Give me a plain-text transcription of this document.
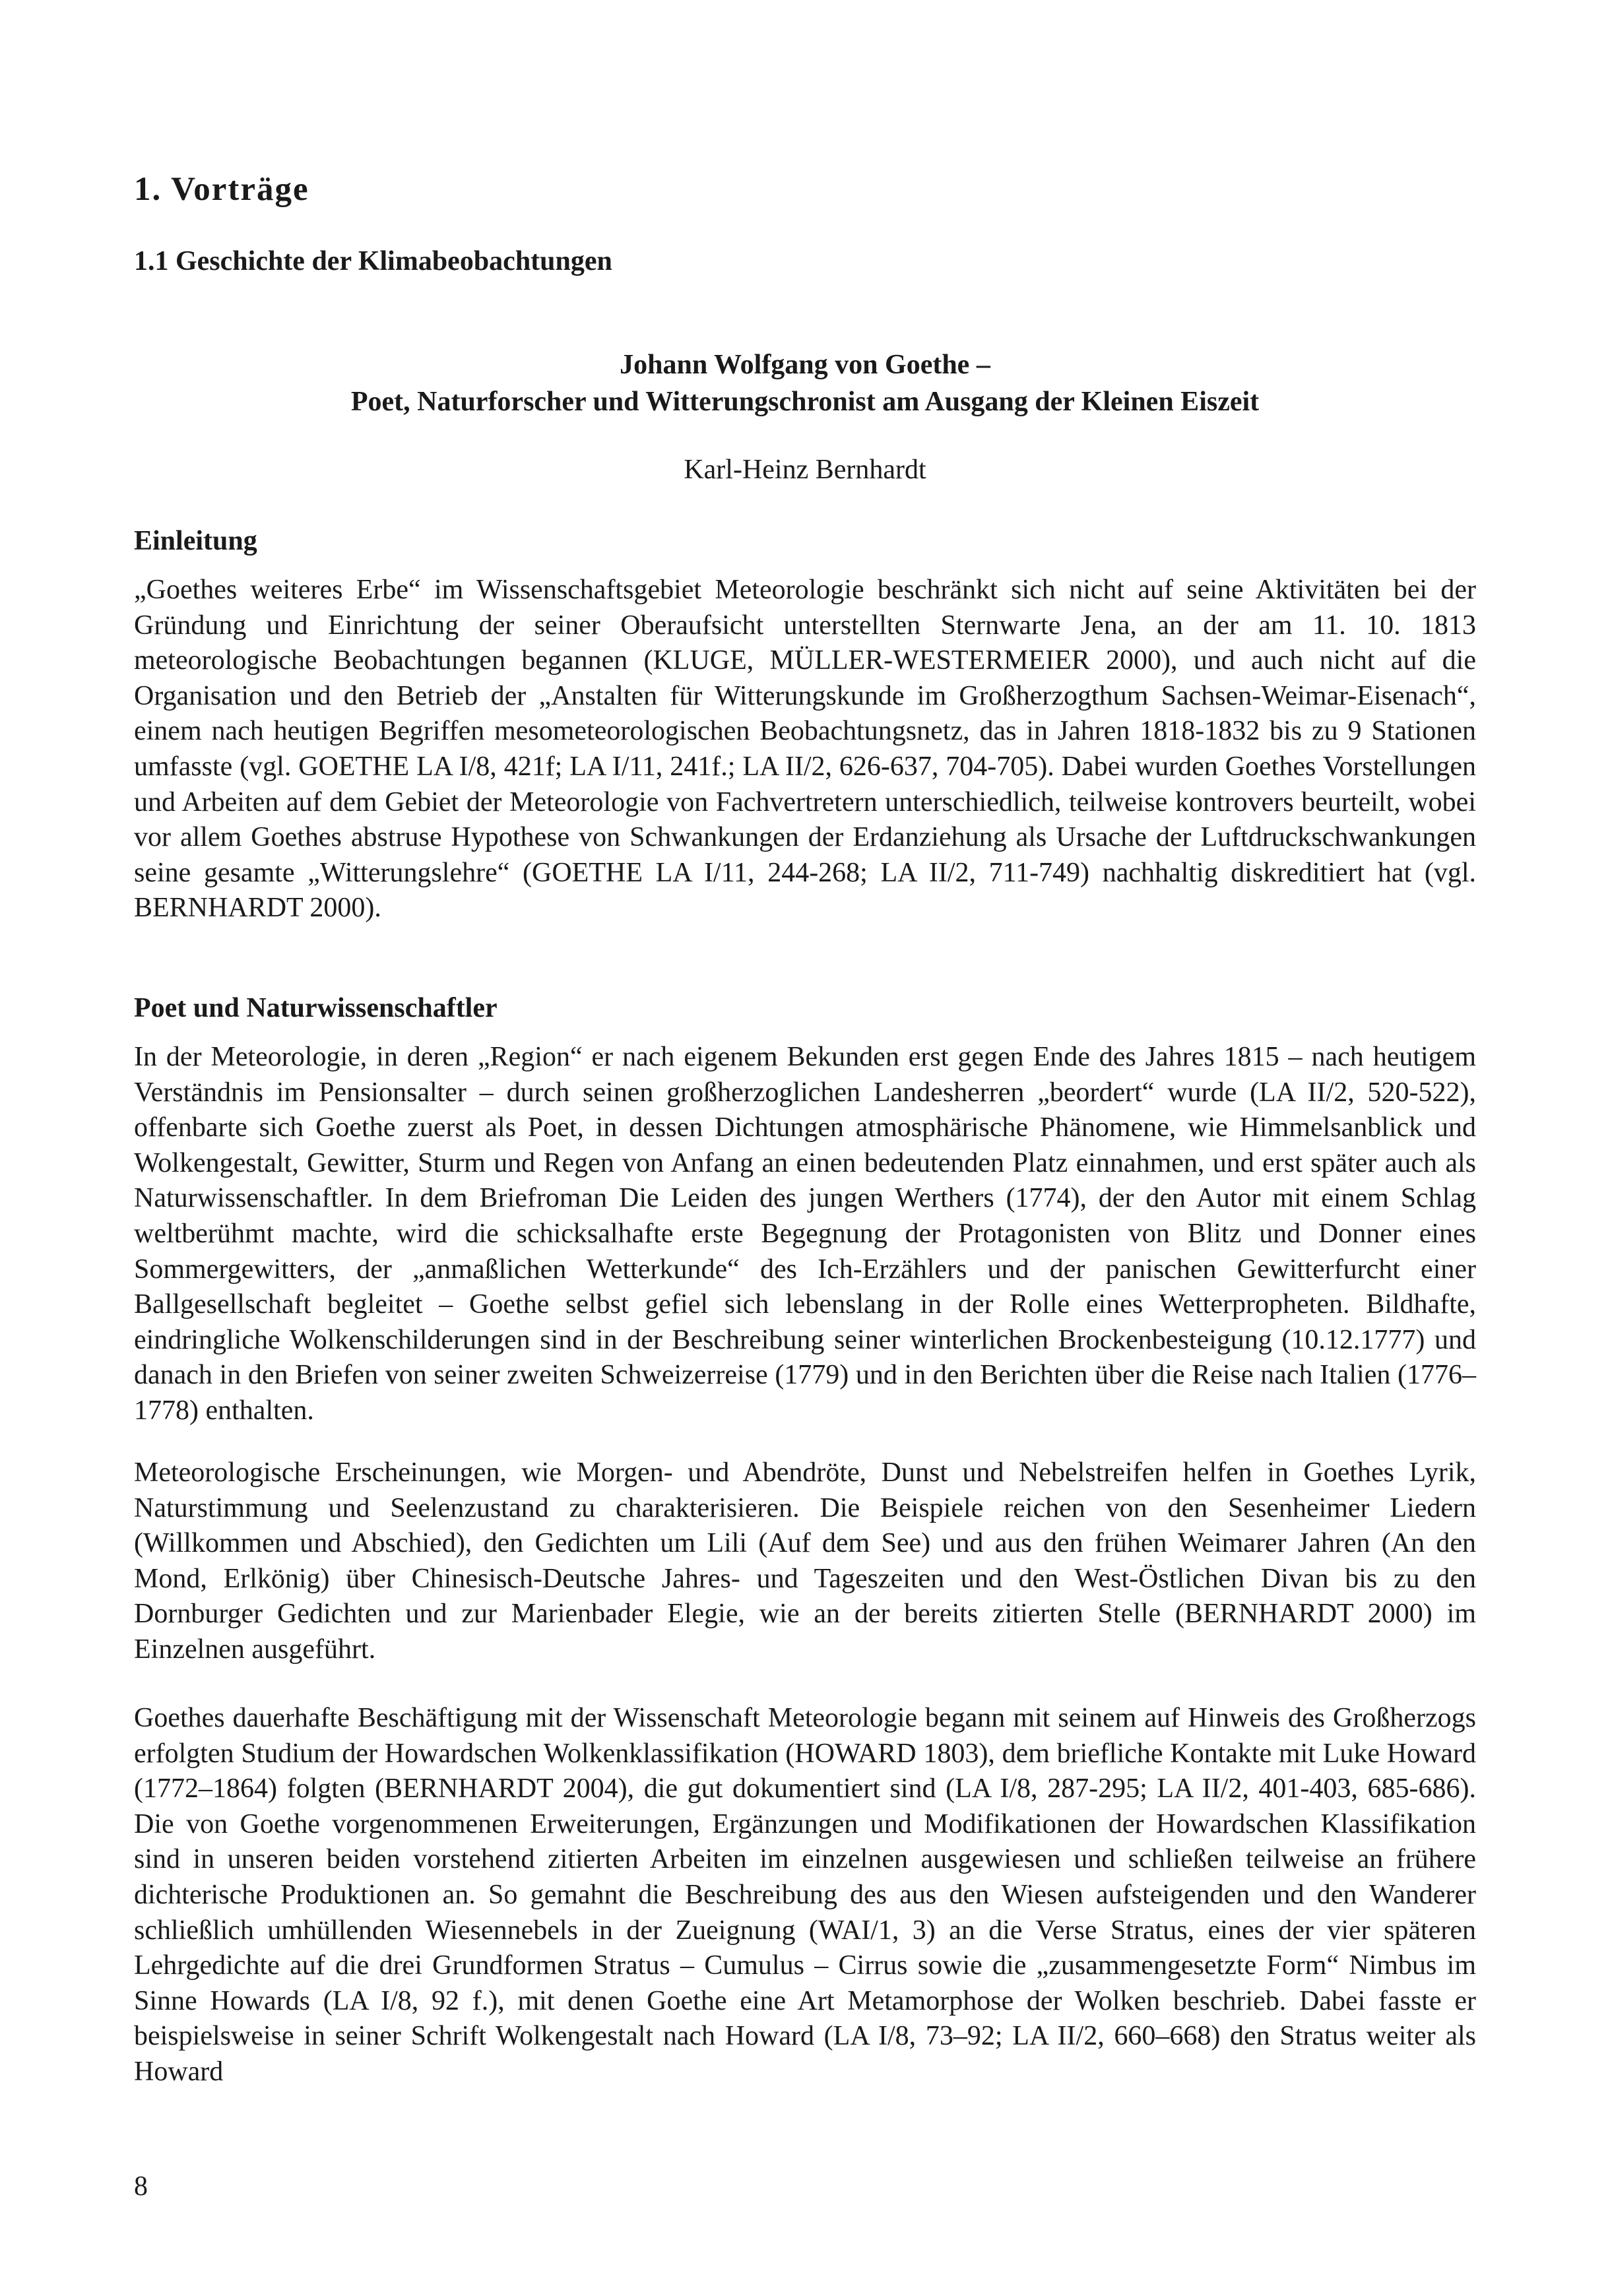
1. Vorträge
1.1 Geschichte der Klimabeobachtungen
Johann Wolfgang von Goethe –
Poet, Naturforscher und Witterungschronist am Ausgang der Kleinen Eiszeit
Karl-Heinz Bernhardt
Einleitung

„Goethes weiteres Erbe“ im Wissenschaftsgebiet Meteorologie beschränkt sich nicht auf seine Aktivitäten bei der Gründung und Einrichtung der seiner Oberaufsicht unterstellten Sternwarte Jena, an der am 11. 10. 1813 meteorologische Beobachtungen begannen (KLUGE, MÜLLER-WESTERMEIER 2000), und auch nicht auf die Organisation und den Betrieb der „Anstalten für Witterungskunde im Großherzogthum Sachsen-Weimar-Eisenach“, einem nach heutigen Begriffen mesometeorologischen Beobachtungsnetz, das in Jahren 1818-1832 bis zu 9 Stationen umfasste (vgl. GOETHE LA I/8, 421f; LA I/11, 241f.; LA II/2, 626-637, 704-705). Dabei wurden Goethes Vorstellungen und Arbeiten auf dem Gebiet der Meteorologie von Fachvertretern unterschiedlich, teilweise kontrovers beurteilt, wobei vor allem Goethes abstruse Hypothese von Schwankungen der Erdanziehung als Ursache der Luftdruckschwankungen seine gesamte „Witterungslehre“ (GOETHE LA I/11, 244-268; LA II/2, 711-749) nachhaltig diskreditiert hat (vgl. BERNHARDT 2000).

Poet und Naturwissenschaftler

In der Meteorologie, in deren „Region“ er nach eigenem Bekunden erst gegen Ende des Jahres 1815 – nach heutigem Verständnis im Pensionsalter – durch seinen großherzoglichen Landesherren „beordert“ wurde (LA II/2, 520-522), offenbarte sich Goethe zuerst als Poet, in dessen Dichtungen atmosphärische Phänomene, wie Himmelsanblick und Wolkengestalt, Gewitter, Sturm und Regen von Anfang an einen bedeutenden Platz einnahmen, und erst später auch als Naturwissenschaftler. In dem Briefroman Die Leiden des jungen Werthers (1774), der den Autor mit einem Schlag weltberühmt machte, wird die schicksalhafte erste Begegnung der Protagonisten von Blitz und Donner eines Sommergewitters, der „anmaßlichen Wetterkunde“ des Ich-Erzählers und der panischen Gewitterfurcht einer Ballgesellschaft begleitet – Goethe selbst gefiel sich lebenslang in der Rolle eines Wetterpropheten. Bildhafte, eindringliche Wolkenschilderungen sind in der Beschreibung seiner winterlichen Brockenbesteigung (10.12.1777) und danach in den Briefen von seiner zweiten Schweizerreise (1779) und in den Berichten über die Reise nach Italien (1776–1778) enthalten.

Meteorologische Erscheinungen, wie Morgen- und Abendröte, Dunst und Nebelstreifen helfen in Goethes Lyrik, Naturstimmung und Seelenzustand zu charakterisieren. Die Beispiele reichen von den Sesenheimer Liedern (Willkommen und Abschied), den Gedichten um Lili (Auf dem See) und aus den frühen Weimarer Jahren (An den Mond, Erlkönig) über Chinesisch-Deutsche Jahres- und Tageszeiten und den West-Östlichen Divan bis zu den Dornburger Gedichten und zur Marienbader Elegie, wie an der bereits zitierten Stelle (BERNHARDT 2000) im Einzelnen ausgeführt.

Goethes dauerhafte Beschäftigung mit der Wissenschaft Meteorologie begann mit seinem auf Hinweis des Großherzogs erfolgten Studium der Howardschen Wolkenklassifikation (HOWARD 1803), dem briefliche Kontakte mit Luke Howard (1772–1864) folgten (BERNHARDT 2004), die gut dokumentiert sind (LA I/8, 287-295; LA II/2, 401-403, 685-686). Die von Goethe vorgenommenen Erweiterungen, Ergänzungen und Modifikationen der Howardschen Klassifikation sind in unseren beiden vorstehend zitierten Arbeiten im einzelnen ausgewiesen und schließen teilweise an frühere dichterische Produktionen an. So gemahnt die Beschreibung des aus den Wiesen aufsteigenden und den Wanderer schließlich umhüllenden Wiesennebels in der Zueignung (WAI/1, 3) an die Verse Stratus, eines der vier späteren Lehrgedichte auf die drei Grundformen Stratus – Cumulus – Cirrus sowie die „zusammengesetzte Form“ Nimbus im Sinne Howards (LA I/8, 92 f.), mit denen Goethe eine Art Metamorphose der Wolken beschrieb. Dabei fasste er beispielsweise in seiner Schrift Wolkengestalt nach Howard (LA I/8, 73–92; LA II/2, 660–668) den Stratus weiter als Howard

8
